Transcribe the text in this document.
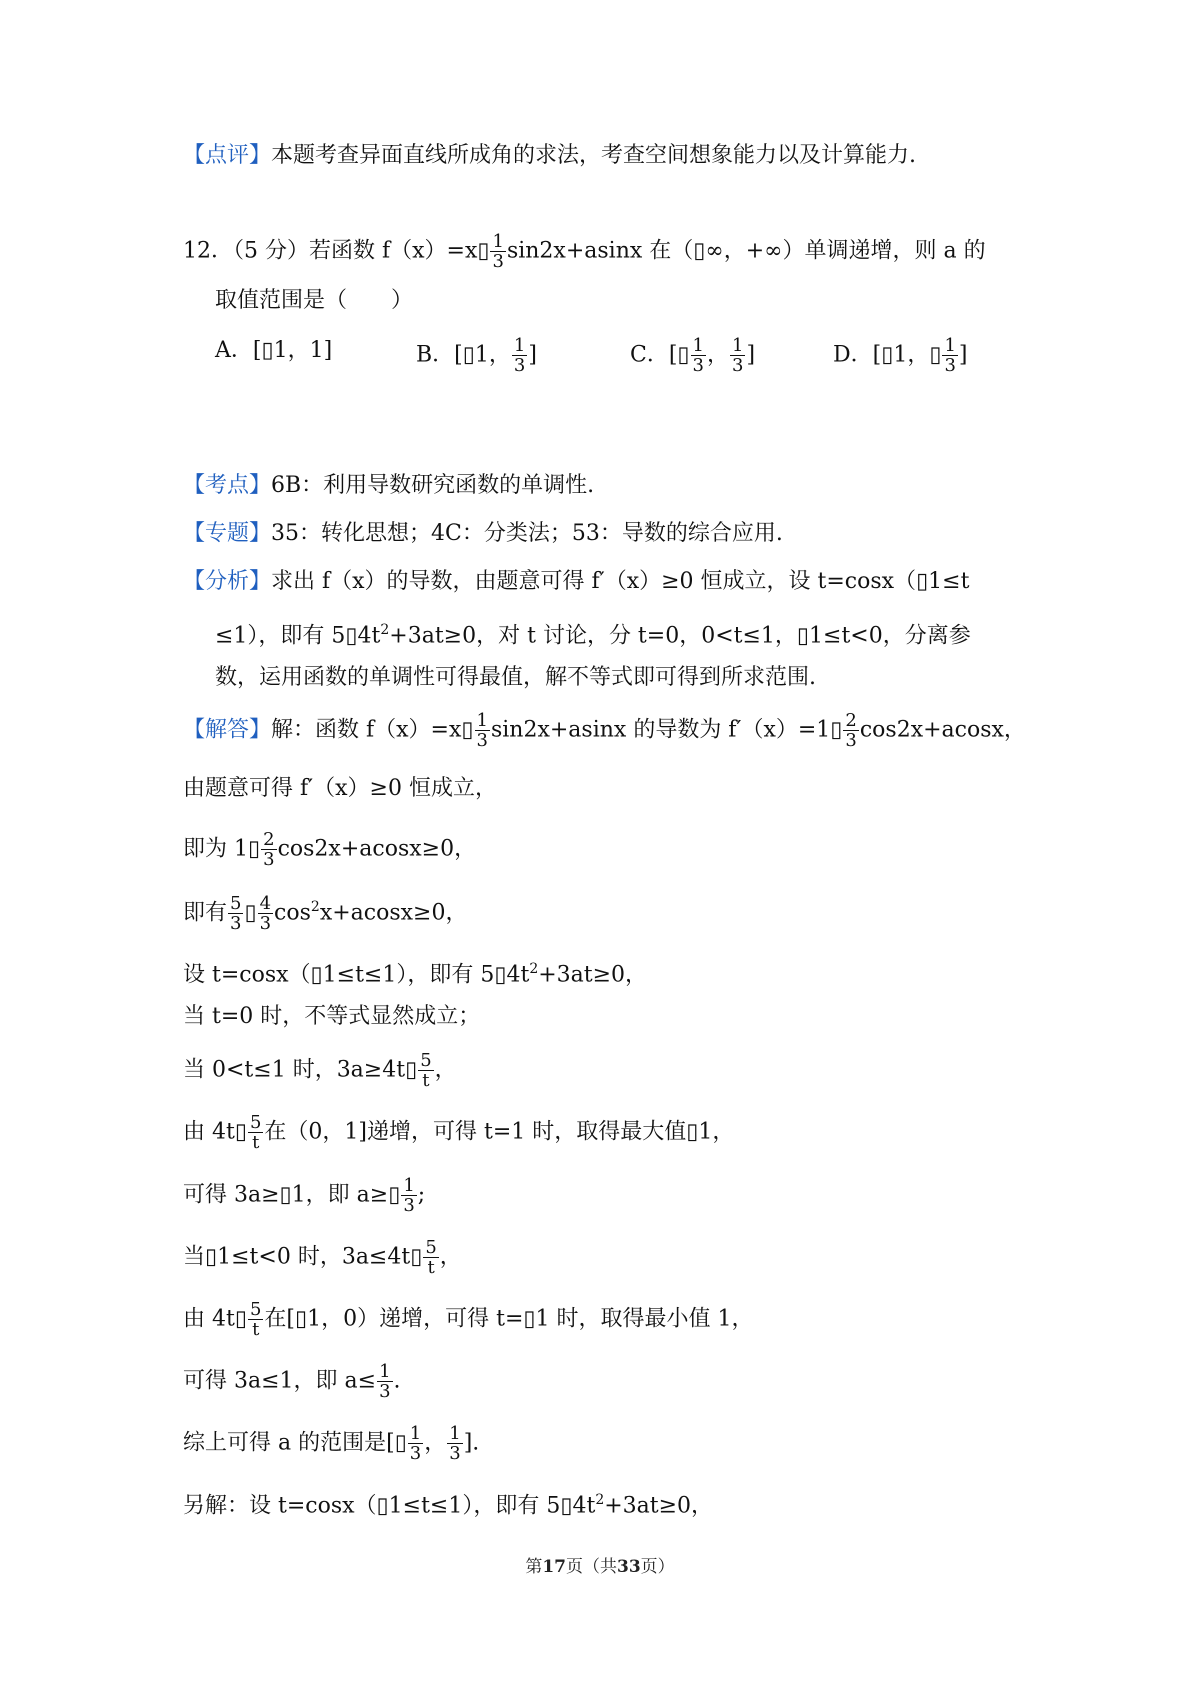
【点评】本题考查异面直线所成角的求法，考查空间想象能力以及计算能力.
12．（5 分）若函数 f（x）=x▯ $\frac{1}{3} \sin 2x+asinx$ 在（▯∞，+∞）单调递增，则 a 的
取值范围是（　　）
A．[▯1，1]	B．[▯1， $\frac{1}{3}$ ]	C．[▯ $\frac{1}{3}$ ， $\frac{1}{3}$ ]	D．[▯1，▯ $\frac{1}{3}$ ]
【考点】6B：利用导数研究函数的单调性.
【专题】35：转化思想；4C：分类法；53：导数的综合应用.
【分析】求出 f（x）的导数，由题意可得 f′（x）≥0 恒成立，设 t=cosx（▯1≤t
≤1），即有 $5▯4t^2+3at\ge 0$，对 t 讨论，分 t=0，0<t≤1，▯1≤t<0，分离参
数，运用函数的单调性可得最值，解不等式即可得到所求范围.
【解答】解：函数 f（x）=x▯ $\frac{1}{3} \sin 2x+asinx$ 的导数为 f′（x）=1▯ $\frac{2}{3} \cos 2x+acosx$，
由题意可得 f′（x）≥0 恒成立，
即为 1▯ $\frac{2}{3} \cos 2x+acosx\ge 0$，
即有 $\frac{5}{3}$ ▯ $\frac{4}{3} \cos^2x+acosx\ge 0$，
设 t=cosx（▯1≤t≤1），即有 $5▯4t^2+3at\ge 0$，
当 t=0 时，不等式显然成立；
当 0<t≤1 时，3a≥4t▯ $\frac{5}{t}$ ，
由 4t▯ $\frac{5}{t}$ 在（0，1]递增，可得 t=1 时，取得最大值▯1，
可得 3a≥▯1，即 a≥▯ $\frac{1}{3}$ ;
当▯1≤t<0 时，3a≤4t▯ $\frac{5}{t}$ ，
由 4t▯ $\frac{5}{t}$ 在[▯1，0）递增，可得 t=▯1 时，取得最小值 1，
可得 3a≤1，即 $a\le \frac{1}{3}$ .
综上可得 a 的范围是[▯ $\frac{1}{3}$ ， $\frac{1}{3}$ ].
另解：设 t=cosx（▯1≤t≤1），即有 $5▯4t^2+3at\ge 0$，
第17页（共33页）
